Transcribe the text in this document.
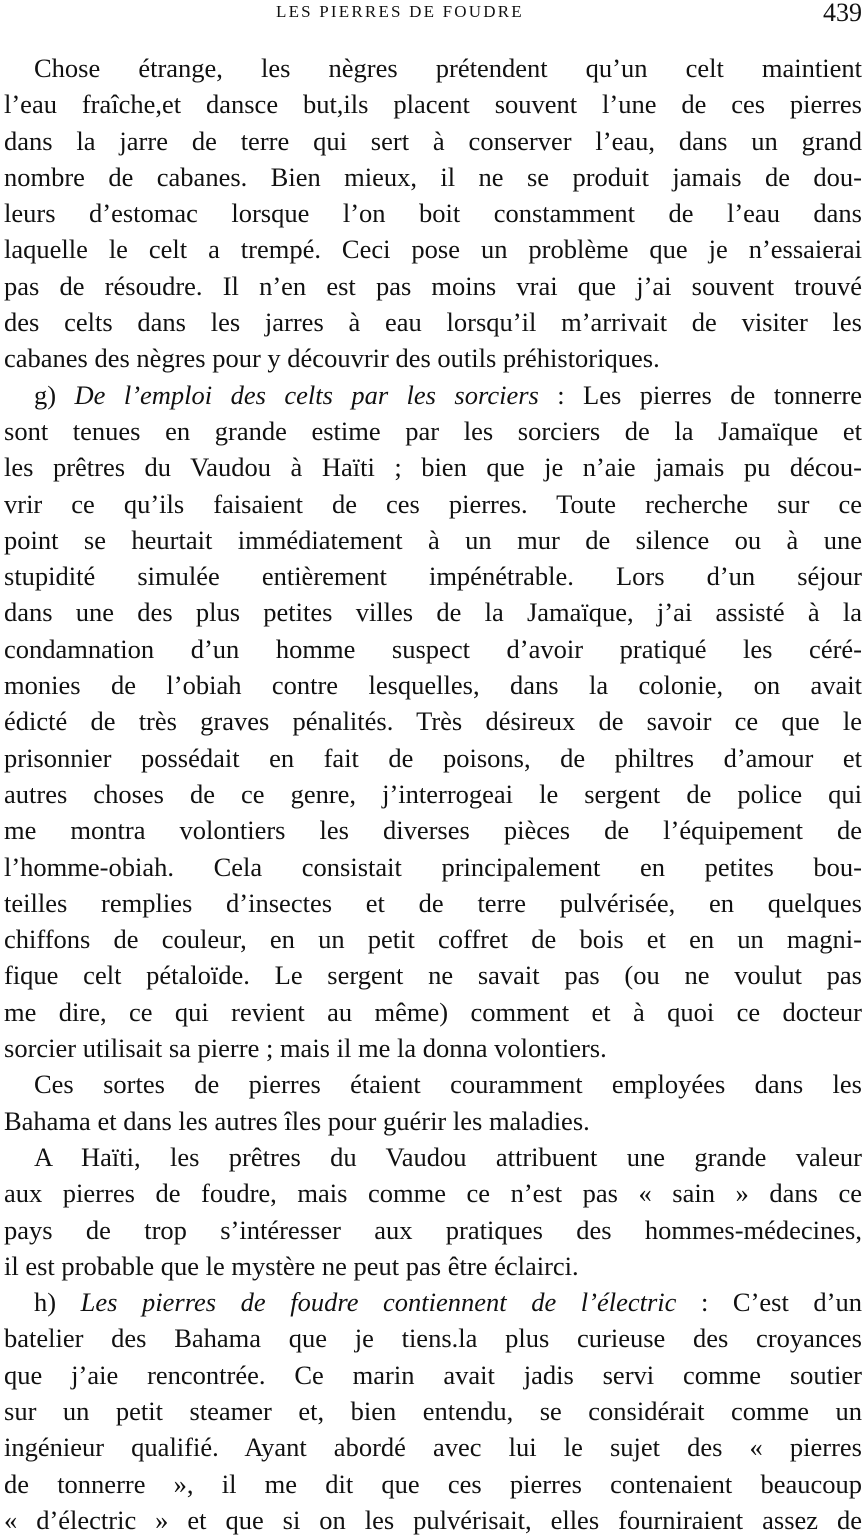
LES PIERRES DE FOUDRE	439
Chose étrange, les nègres prétendent qu’un celt maintient
l’eau fraîche,et dansce but,ils placent souvent l’une de ces pierres
dans la jarre de terre qui sert à conserver l’eau, dans un grand
nombre de cabanes. Bien mieux, il ne se produit jamais de dou-
leurs d’estomac lorsque l’on boit constamment de l’eau dans
laquelle le celt a trempé. Ceci pose un problème que je n’essaierai
pas de résoudre. Il n’en est pas moins vrai que j’ai souvent trouvé
des celts dans les jarres à eau lorsqu’il m’arrivait de visiter les
cabanes des nègres pour y découvrir des outils préhistoriques.
g) De l’emploi des celts par les sorciers : Les pierres de tonnerre
sont tenues en grande estime par les sorciers de la Jamaïque et
les prêtres du Vaudou à Haïti ; bien que je n’aie jamais pu décou-
vrir ce qu’ils faisaient de ces pierres. Toute recherche sur ce
point se heurtait immédiatement à un mur de silence ou à une
stupidité simulée entièrement impénétrable. Lors d’un séjour
dans une des plus petites villes de la Jamaïque, j’ai assisté à la
condamnation d’un homme suspect d’avoir pratiqué les céré-
monies de l’obiah contre lesquelles, dans la colonie, on avait
édicté de très graves pénalités. Très désireux de savoir ce que le
prisonnier possédait en fait de poisons, de philtres d’amour et
autres choses de ce genre, j’interrogeai le sergent de police qui
me montra volontiers les diverses pièces de l’équipement de
l’homme-obiah. Cela consistait principalement en petites bou-
teilles remplies d’insectes et de terre pulvérisée, en quelques
chiffons de couleur, en un petit coffret de bois et en un magni-
fique celt pétaloïde. Le sergent ne savait pas (ou ne voulut pas
me dire, ce qui revient au même) comment et à quoi ce docteur
sorcier utilisait sa pierre ; mais il me la donna volontiers.
Ces sortes de pierres étaient couramment employées dans les
Bahama et dans les autres îles pour guérir les maladies.
A Haïti, les prêtres du Vaudou attribuent une grande valeur
aux pierres de foudre, mais comme ce n’est pas « sain » dans ce
pays de trop s’intéresser aux pratiques des hommes-médecines,
il est probable que le mystère ne peut pas être éclairci.
h) Les pierres de foudre contiennent de l’électric : C’est d’un
batelier des Bahama que je tiens.la plus curieuse des croyances
que j’aie rencontrée. Ce marin avait jadis servi comme soutier
sur un petit steamer et, bien entendu, se considérait comme un
ingénieur qualifié. Ayant abordé avec lui le sujet des « pierres
de tonnerre », il me dit que ces pierres contenaient beaucoup
« d’électric » et que si on les pulvérisait, elles fourniraient assez de
